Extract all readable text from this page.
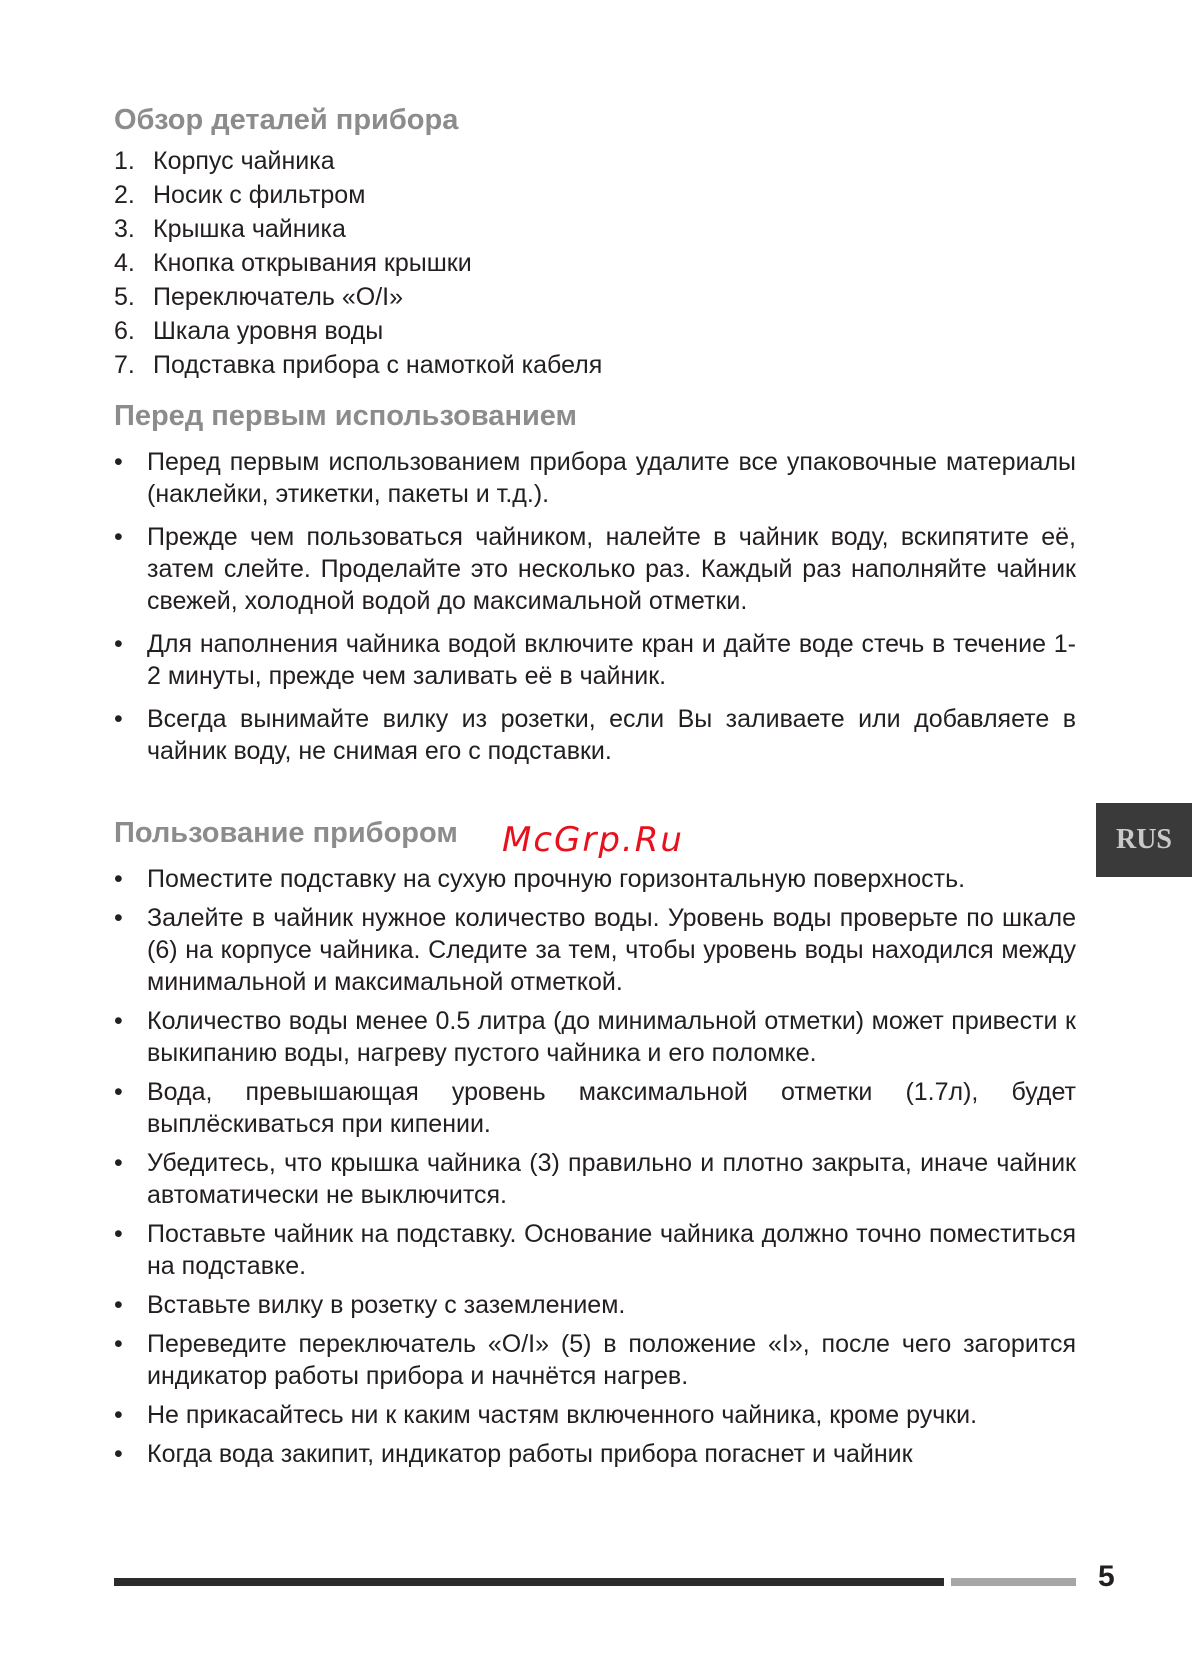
Обзор деталей прибора
1. Корпус чайника
2. Носик с фильтром
3. Крышка чайника
4. Кнопка открывания крышки
5. Переключатель «O/I»
6. Шкала уровня воды
7. Подставка прибора с намоткой кабеля
Перед первым использованием
• Перед первым использованием прибора удалите все упаковочные материалы (наклейки, этикетки, пакеты и т.д.).
• Прежде чем пользоваться чайником, налейте в чайник воду, вскипятите её, затем слейте. Проделайте это несколько раз. Каждый раз наполняйте чайник свежей, холодной водой до максимальной отметки.
• Для наполнения чайника водой включите кран и дайте воде стечь в течение 1-2 минуты, прежде чем заливать её в чайник.
• Всегда вынимайте вилку из розетки, если Вы заливаете или добавляете в чайник воду, не снимая его с подставки.
Пользование прибором
• Поместите подставку на сухую прочную горизонтальную поверхность.
• Залейте в чайник нужное количество воды. Уровень воды проверьте по шкале (6) на корпусе чайника. Следите за тем, чтобы уровень воды находился между минимальной и максимальной отметкой.
• Количество воды менее 0.5 литра (до минимальной отметки) может привести к выкипанию воды, нагреву пустого чайника и его поломке.
• Вода, превышающая уровень максимальной отметки (1.7л), будет выплёскиваться при кипении.
• Убедитесь, что крышка чайника (3) правильно и плотно закрыта, иначе чайник автоматически не выключится.
• Поставьте чайник на подставку. Основание чайника должно точно поместиться на подставке.
• Вставьте вилку в розетку с заземлением.
• Переведите переключатель «O/I» (5) в положение «I», после чего загорится индикатор работы прибора и начнётся нагрев.
• Не прикасайтесь ни к каким частям включенного чайника, кроме ручки.
• Когда вода закипит, индикатор работы прибора погаснет и чайник
McGrp.Ru	RUS
5
